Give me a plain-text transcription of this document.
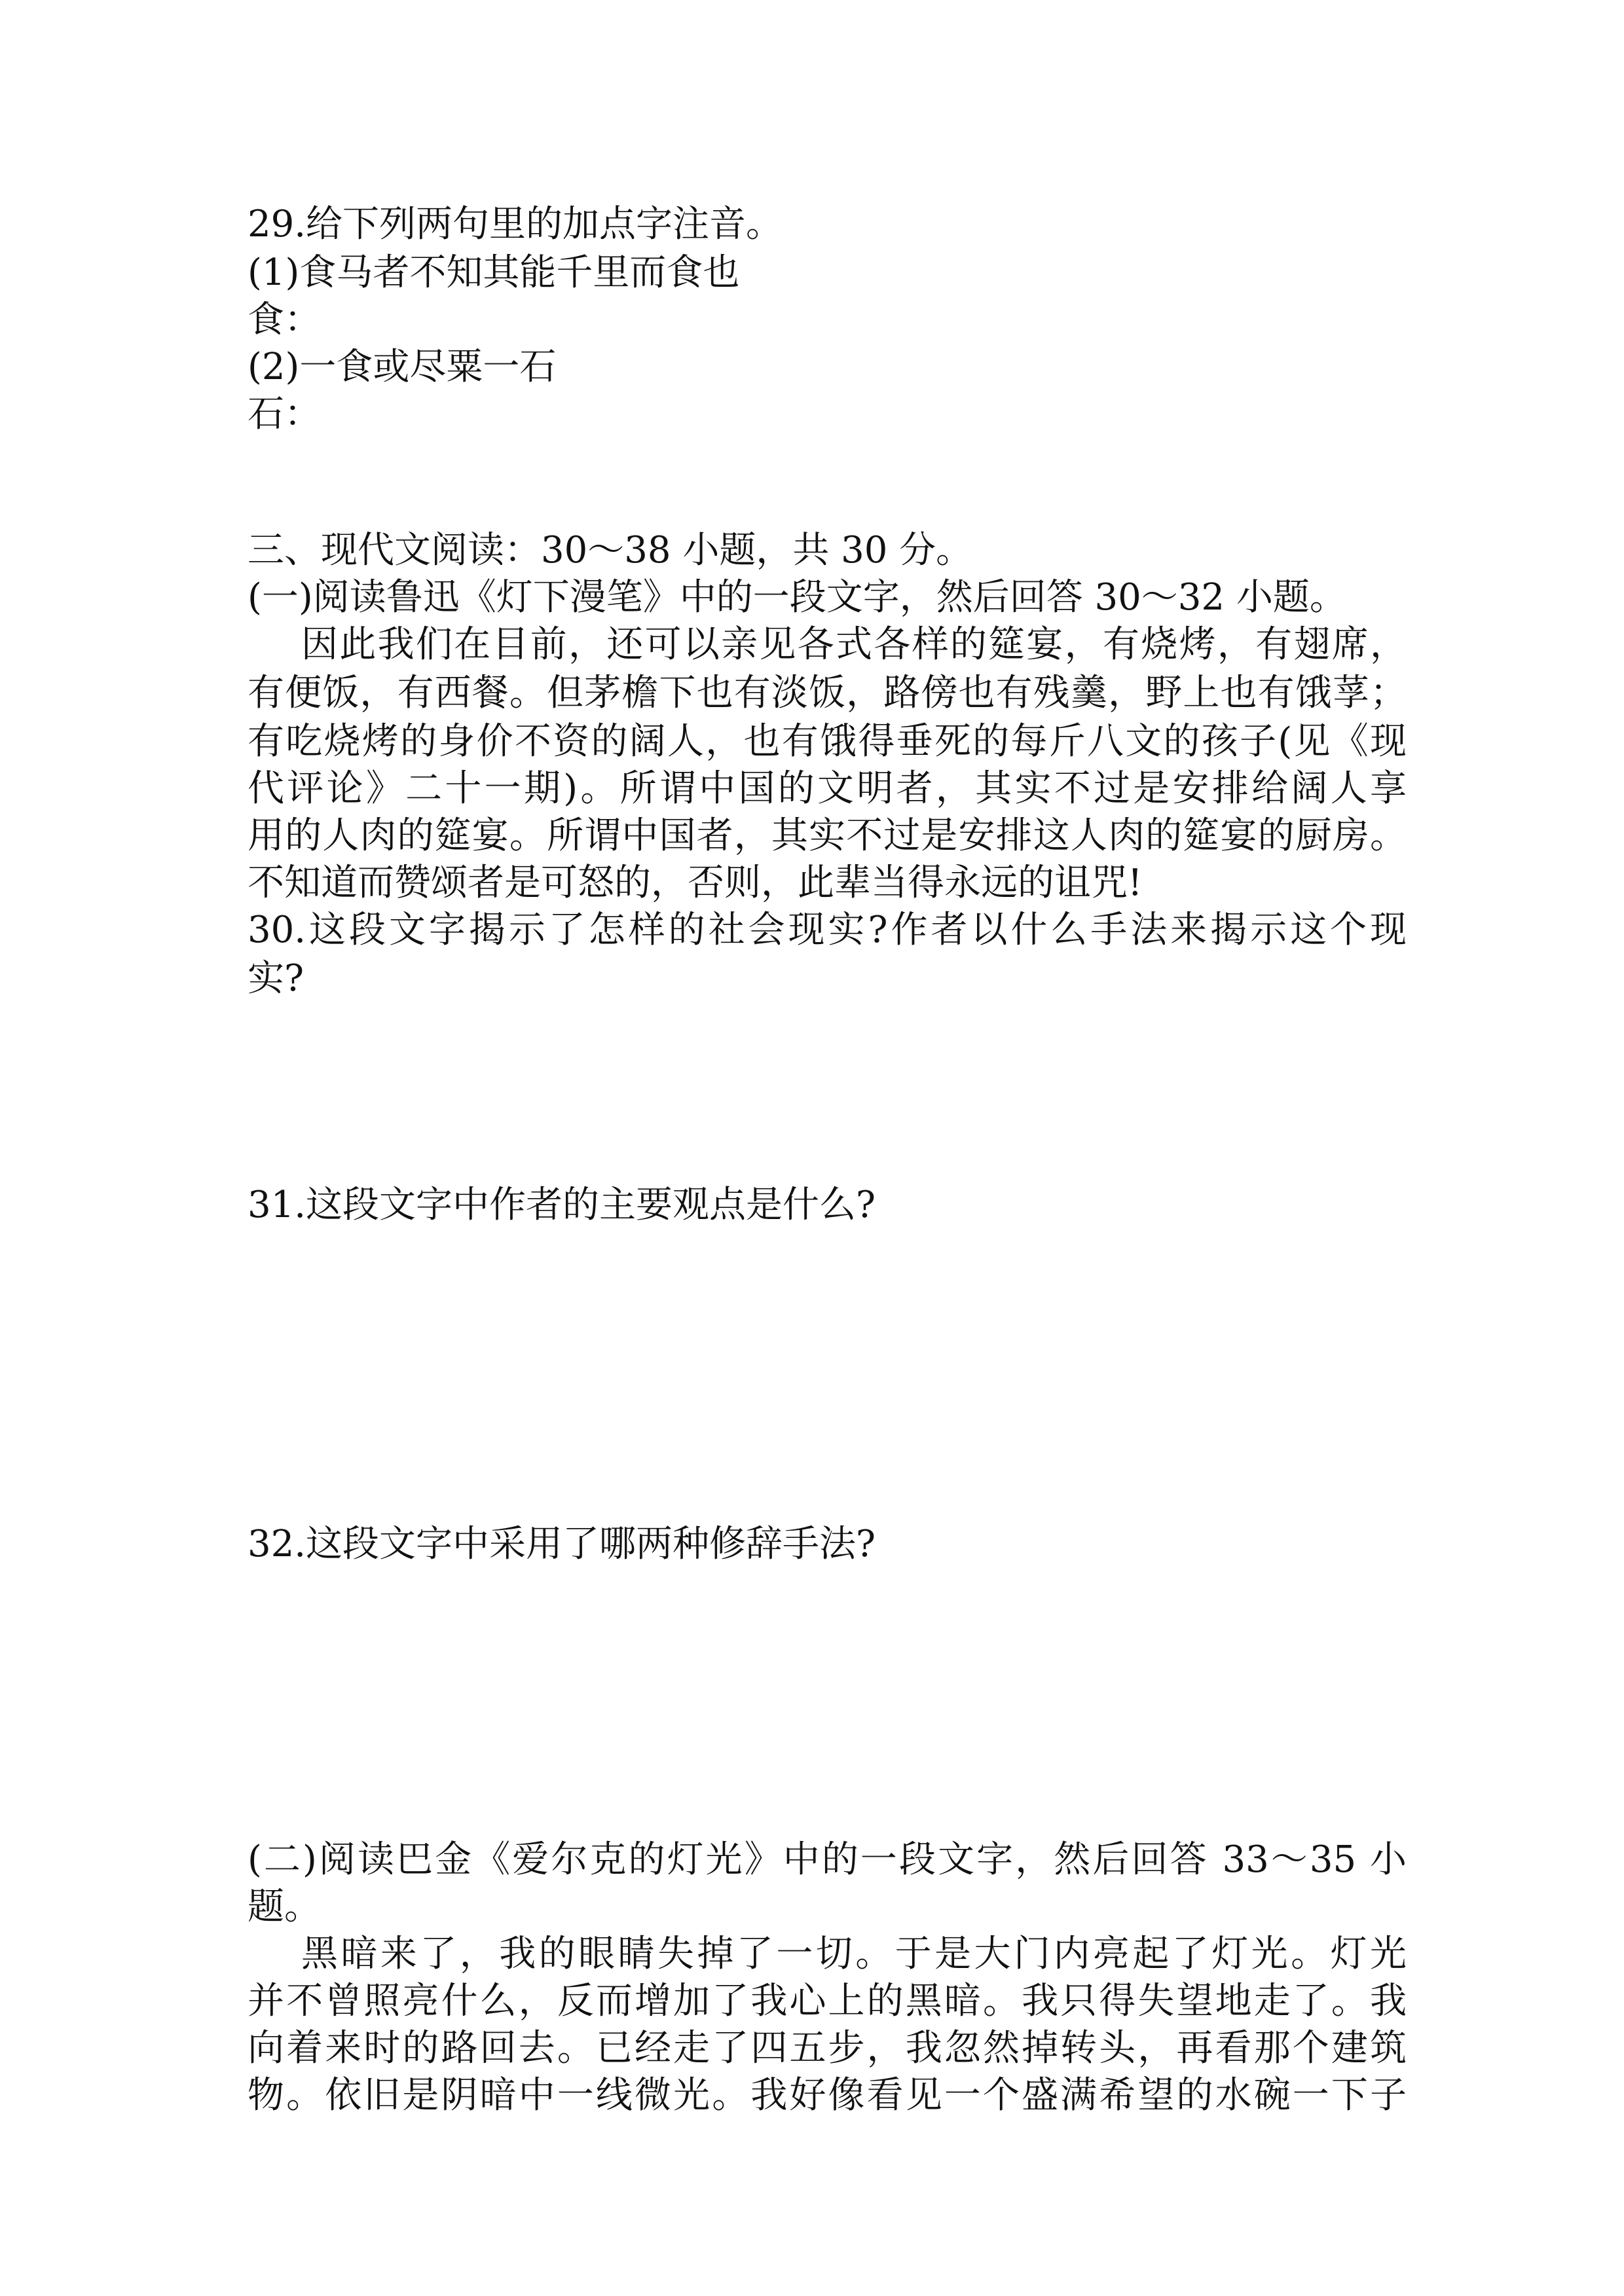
29.给下列两句里的加点字注音。
(1)食马者不知其能千里而食也
食：
(2)一食或尽粟一石
石：
三、现代文阅读：30～38 小题，共 30 分。
(一)阅读鲁迅《灯下漫笔》中的一段文字，然后回答 30～32 小题。
因此我们在目前，还可以亲见各式各样的筵宴，有烧烤，有翅席，
有便饭，有西餐。但茅檐下也有淡饭，路傍也有残羹，野上也有饿莩；
有吃烧烤的身价不资的阔人，也有饿得垂死的每斤八文的孩子(见《现
代评论》二十一期)。所谓中国的文明者，其实不过是安排给阔人享
用的人肉的筵宴。所谓中国者，其实不过是安排这人肉的筵宴的厨房。
不知道而赞颂者是可怒的，否则，此辈当得永远的诅咒!
30.这段文字揭示了怎样的社会现实?作者以什么手法来揭示这个现
实?
31.这段文字中作者的主要观点是什么?
32.这段文字中采用了哪两种修辞手法?
(二)阅读巴金《爱尔克的灯光》中的一段文字，然后回答 33～35 小
题。
黑暗来了，我的眼睛失掉了一切。于是大门内亮起了灯光。灯光
并不曾照亮什么，反而增加了我心上的黑暗。我只得失望地走了。我
向着来时的路回去。已经走了四五步，我忽然掉转头，再看那个建筑
物。依旧是阴暗中一线微光。我好像看见一个盛满希望的水碗一下子
